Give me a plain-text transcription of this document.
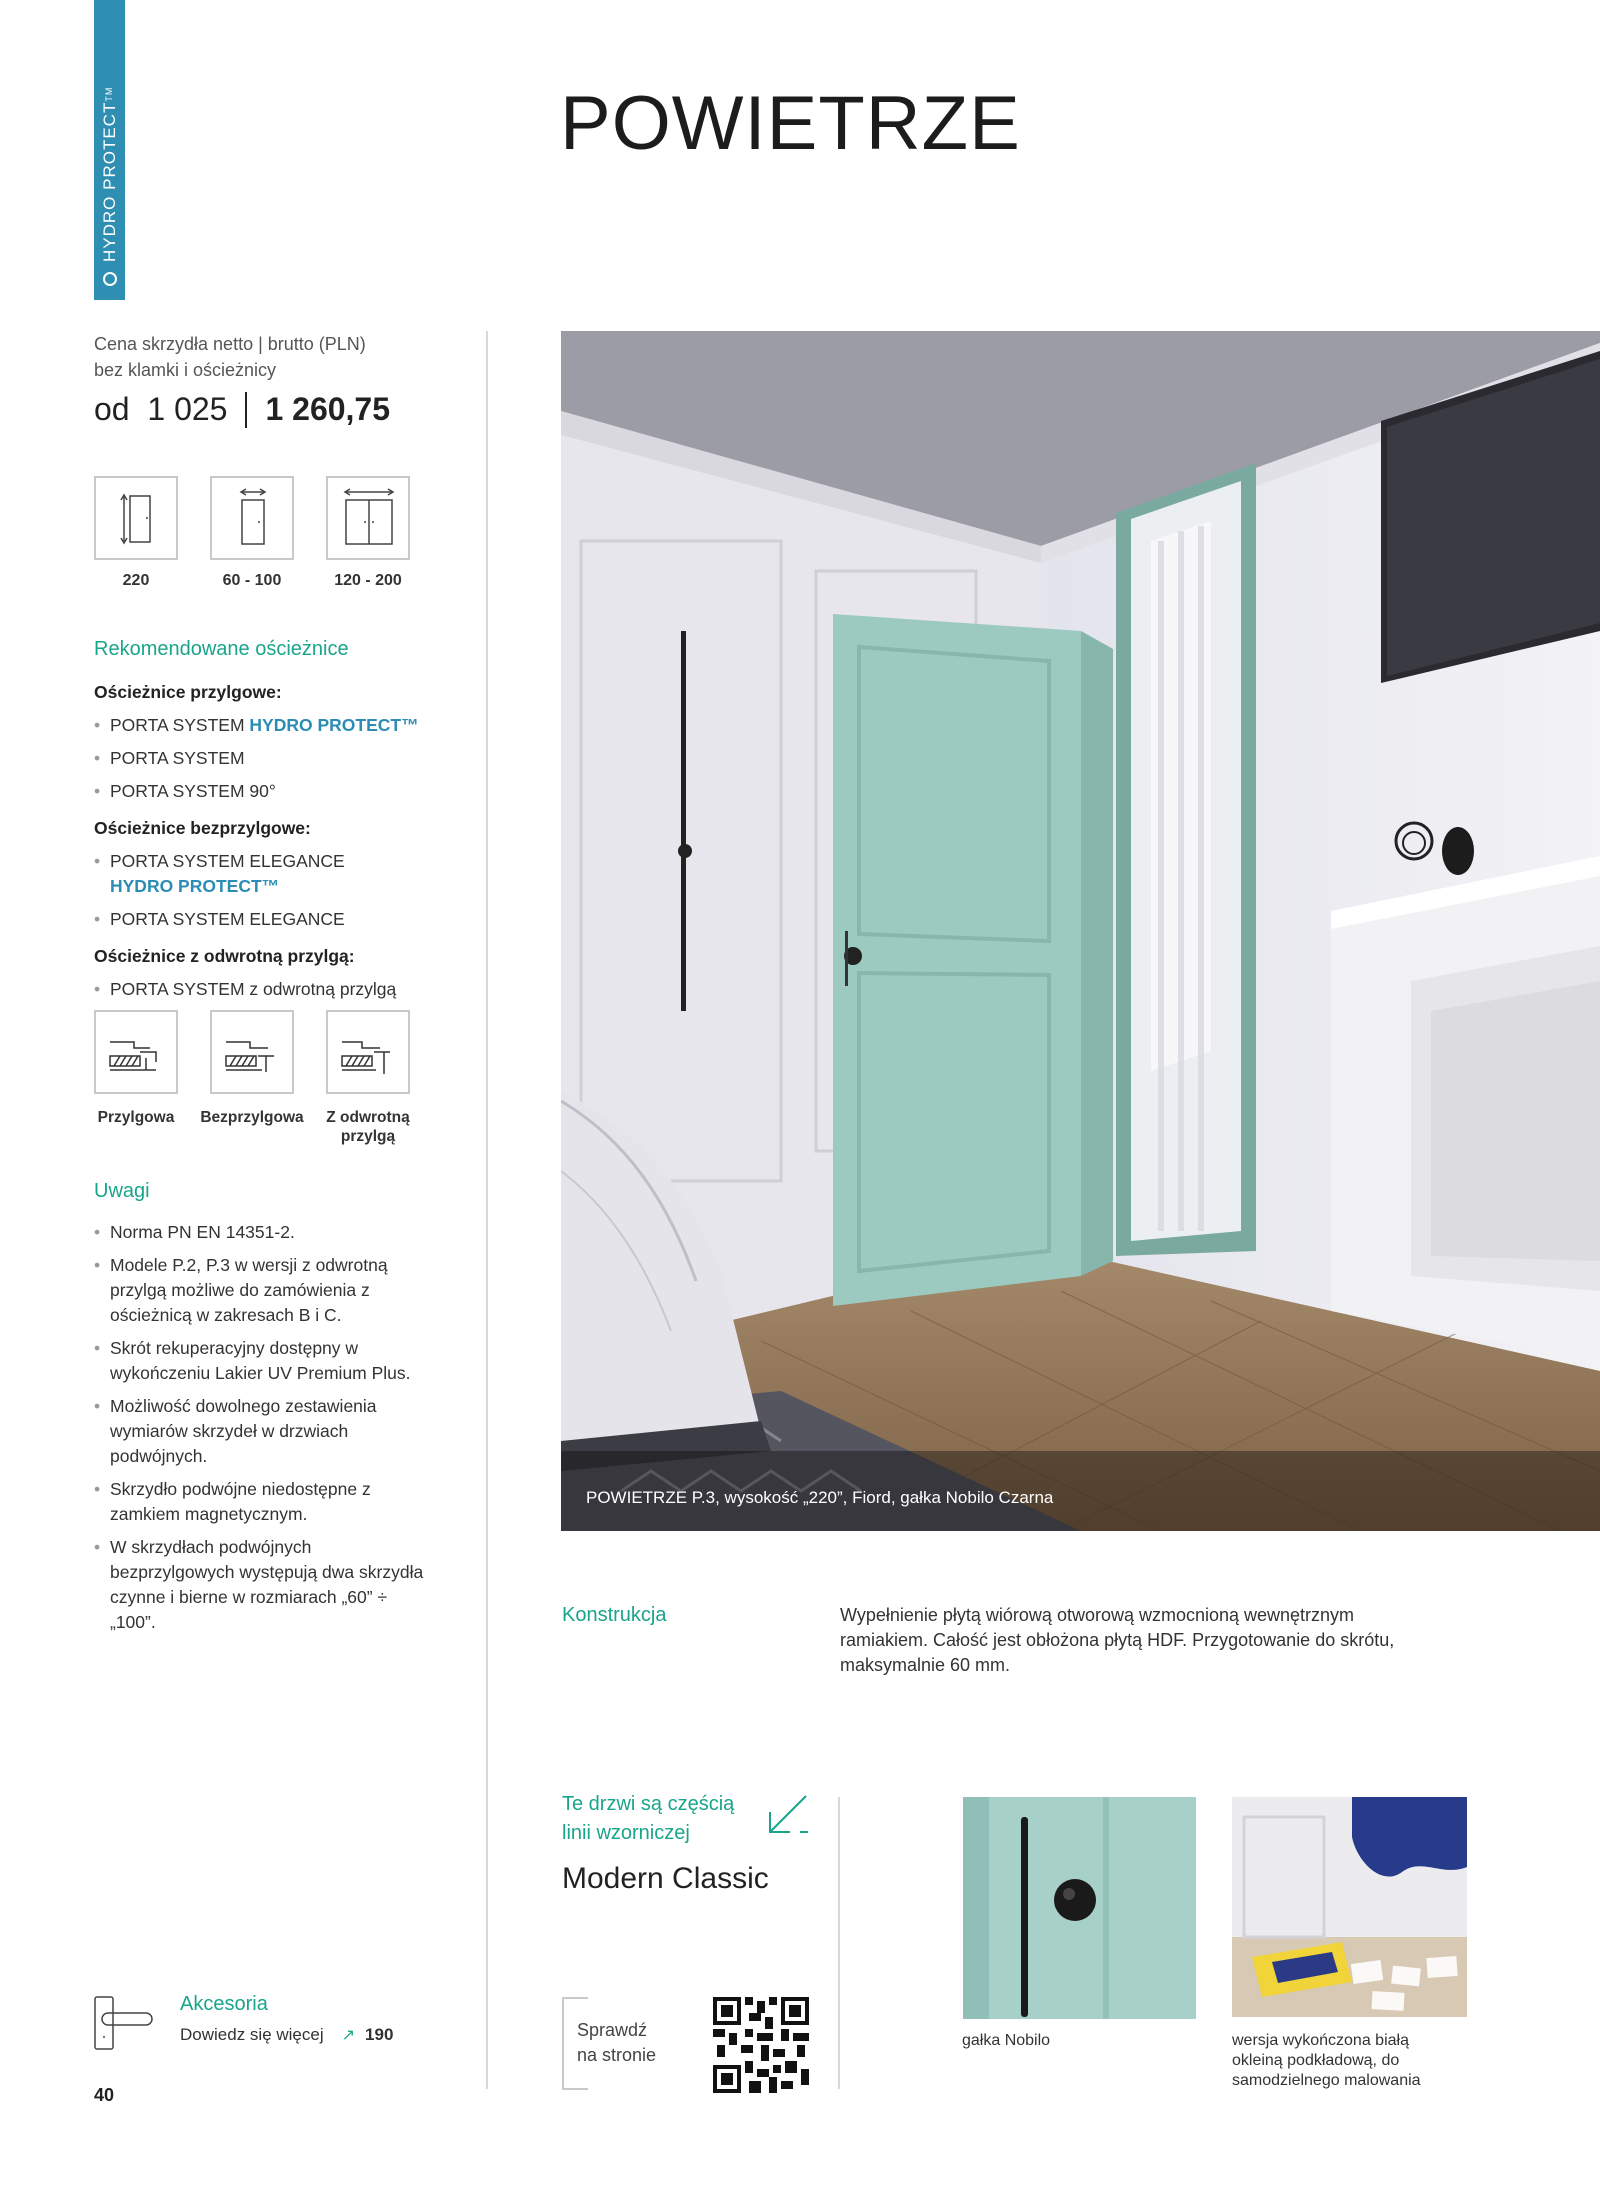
HYDRO PROTECT
TM	POWIETRZE
Cena skrzydła netto | brutto (PLN)
bez klamki i ościeżnicy
od
1 025 1 260,75
220	60 - 100	120 - 200
Rekomendowane ościeżnice
Ościeżnice przylgowe:
• PORTA SYSTEM HYDRO PROTECT™
• PORTA SYSTEM
• PORTA SYSTEM 90°
Ościeżnice bezprzylgowe:
• PORTA SYSTEM ELEGANCE
HYDRO PROTECT™
• PORTA SYSTEM ELEGANCE
Ościeżnice z odwrotną przylgą:
• PORTA SYSTEM z odwrotną przylgą
Przylgowa	Bezprzylgowa	Z odwrotną przylgą
Uwagi
• Norma PN EN 14351-2.
• Modele P.2, P.3 w wersji z odwrotną przylgą możliwe do zamówienia z ościeżnicą w zakresach B i C.
• Skrót rekuperacyjny dostępny w wykończeniu Lakier UV Premium Plus.
• Możliwość dowolnego zestawienia wymiarów skrzydeł w drzwiach podwójnych.
• Skrzydło podwójne niedostępne z zamkiem magnetycznym.
• W skrzydłach podwójnych bezprzylgowych występują dwa skrzydła czynne i bierne w rozmiarach „60” ÷ „100”.
POWIETRZE P.3, wysokość „220”, Fiord, gałka Nobilo Czarna
Konstrukcja	Wypełnienie płytą wiórową otworową wzmocnioną wewnętrznym ramiakiem. Całość jest obłożona płytą HDF. Przygotowanie do skrótu, maksymalnie 60 mm.
Te drzwi są częścią
linii wzorniczej
Modern Classic
Sprawdź
na stronie
gałka Nobilo	wersja wykończona białą okleiną podkładową, do samodzielnego malowania
Akcesoria
Dowiedz się więcej ↗ 190
40
